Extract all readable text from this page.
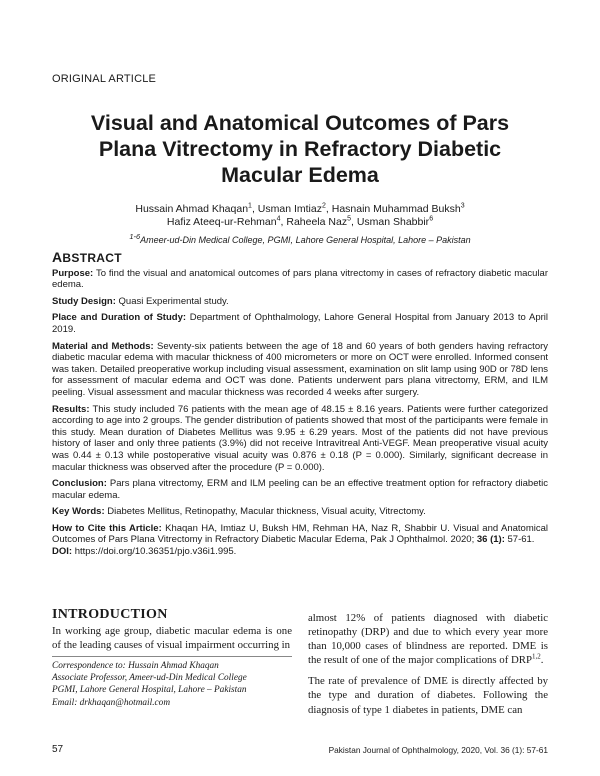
ORIGINAL ARTICLE
Visual and Anatomical Outcomes of Pars
Plana Vitrectomy in Refractory Diabetic
Macular Edema
Hussain Ahmad Khaqan$^1$, Usman Imtiaz$^2$, Hasnain Muhammad Buksh$^3$
Hafiz Ateeq-ur-Rehman$^4$, Raheela Naz$^5$, Usman Shabbir$^6$
$^{1-6}$Ameer-ud-Din Medical College, PGMI, Lahore General Hospital, Lahore – Pakistan
ABSTRACT

Purpose: To find the visual and anatomical outcomes of pars plana vitrectomy in cases of refractory diabetic macular edema.

Study Design: Quasi Experimental study.

Place and Duration of Study: Department of Ophthalmology, Lahore General Hospital from January 2013 to April 2019.

Material and Methods: Seventy-six patients between the age of 18 and 60 years of both genders having refractory diabetic macular edema with macular thickness of 400 micrometers or more on OCT were enrolled. Informed consent was taken. Detailed preoperative workup including visual assessment, examination on slit lamp using 90D or 78D lens for assessment of macular edema and OCT was done. Patients underwent pars plana vitrectomy, ERM, and ILM peeling. Visual assessment and macular thickness was recorded 4 weeks after surgery.

Results: This study included 76 patients with the mean age of 48.15 ± 8.16 years. Patients were further categorized according to age into 2 groups. The gender distribution of patients showed that most of the participants were female in this study. Mean duration of Diabetes Mellitus was 9.95 ± 6.29 years. Most of the patients did not have previous history of laser and only three patients (3.9%) did not receive Intravitreal Anti-VEGF. Mean preoperative visual acuity was 0.44 ± 0.13 while postoperative visual acuity was 0.876 ± 0.18 (P = 0.000). Similarly, significant decrease in macular thickness was observed after the procedure (P = 0.000).

Conclusion: Pars plana vitrectomy, ERM and ILM peeling can be an effective treatment option for refractory diabetic macular edema.

Key Words: Diabetes Mellitus, Retinopathy, Macular thickness, Visual acuity, Vitrectomy.

How to Cite this Article: Khaqan HA, Imtiaz U, Buksh HM, Rehman HA, Naz R, Shabbir U. Visual and Anatomical Outcomes of Pars Plana Vitrectomy in Refractory Diabetic Macular Edema, Pak J Ophthalmol. 2020; 36 (1): 57-61.
DOI: https://doi.org/10.36351/pjo.v36i1.995.

INTRODUCTION
In working age group, diabetic macular edema is one of the leading causes of visual impairment occurring in
Correspondence to: Hussain Ahmad Khaqan
Associate Professor, Ameer-ud-Din Medical College
PGMI, Lahore General Hospital, Lahore – Pakistan
Email: drkhaqan@hotmail.com

almost 12% of patients diagnosed with diabetic retinopathy (DRP) and due to which every year more than 10,000 cases of blindness are reported. DME is the result of one of the major complications of DRP$^{1,2}$.

The rate of prevalence of DME is directly affected by the type and duration of diabetes. Following the diagnosis of type 1 diabetes in patients, DME can

57	Pakistan Journal of Ophthalmology, 2020, Vol. 36 (1): 57-61
